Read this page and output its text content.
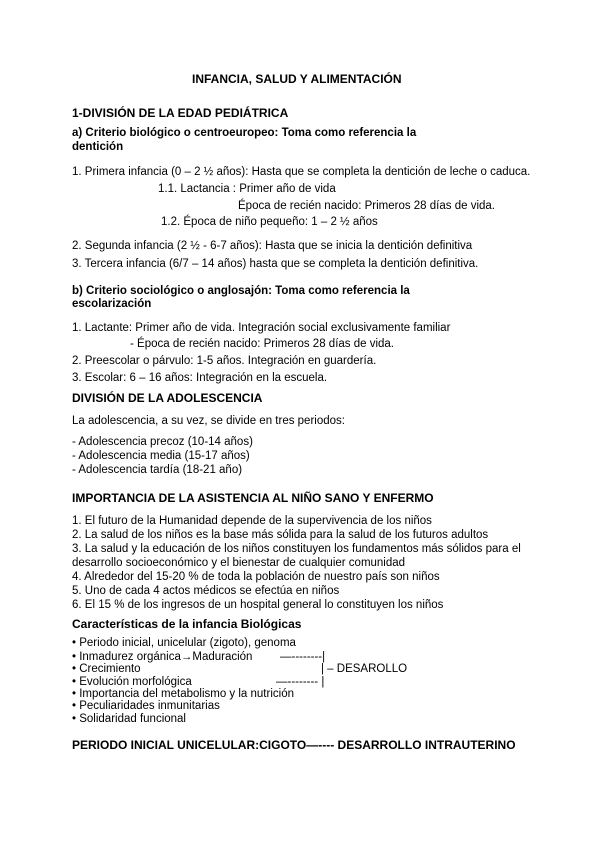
INFANCIA, SALUD Y ALIMENTACIÓN
1-DIVISIÓN DE LA EDAD PEDIÁTRICA
a) Criterio biológico o centroeuropeo: Toma como referencia la
dentición
1. Primera infancia (0 – 2 ½ años): Hasta que se completa la dentición de leche o caduca.
1.1. Lactancia : Primer año de vida
Época de recién nacido: Primeros 28 días de vida.
1.2. Época de niño pequeño: 1 – 2 ½ años
2. Segunda infancia (2 ½ - 6-7 años): Hasta que se inicia la dentición definitiva
3. Tercera infancia (6/7 – 14 años) hasta que se completa la dentición definitiva.
b) Criterio sociológico o anglosajón: Toma como referencia la
escolarización
1. Lactante: Primer año de vida. Integración social exclusivamente familiar
- Época de recién nacido: Primeros 28 días de vida.
2. Preescolar o párvulo: 1-5 años. Integración en guardería.
3. Escolar: 6 – 16 años: Integración en la escuela.
DIVISIÓN DE LA ADOLESCENCIA
La adolescencia, a su vez, se divide en tres periodos:
- Adolescencia precoz (10-14 años)
- Adolescencia media (15-17 años)
- Adolescencia tardía (18-21 año)
IMPORTANCIA DE LA ASISTENCIA AL NIÑO SANO Y ENFERMO
1. El futuro de la Humanidad depende de la supervivencia de los niños
2. La salud de los niños es la base más sólida para la salud de los futuros adultos
3. La salud y la educación de los niños constituyen los fundamentos más sólidos para el
desarrollo socioeconómico y el bienestar de cualquier comunidad
4. Alrededor del 15-20 % de toda la población de nuestro país son niños
5. Uno de cada 4 actos médicos se efectúa en niños
6. El 15 % de los ingresos de un hospital general lo constituyen los niños
Características de la infancia Biológicas
• Periodo inicial, unicelular (zigoto), genoma
• Inmadurez orgánica→Maduración
• Crecimiento
• Evolución morfológica
• Importancia del metabolismo y la nutrición
• Peculiaridades inmunitarias
• Solidaridad funcional
—--------|
| – DESAROLLO
—-------- |
PERIODO INICIAL UNICELULAR:CIGOTO—---- DESARROLLO INTRAUTERINO
